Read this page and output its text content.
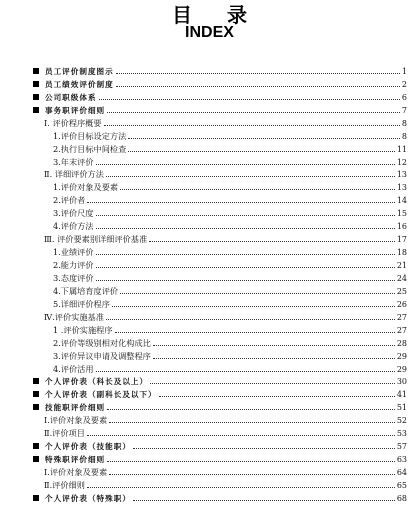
目 录
INDEX
员工评价制度图示	1
员工绩效评价制度	2
公司职级体系	6
事务职评价细则	7
Ⅰ. 评价程序概要	8
1.评价目标设定方法	8
2.执行目标中间检查	11
3.年末评价	12
Ⅱ. 详细评价方法	13
1.评价对象及要素	13
2.评价者	14
3.评价尺度	15
4.评价方法	16
Ⅲ. 评价要素别详细评价基准	17
1.业绩评价	18
2.能力评价	21
3.态度评价	24
4.下属培育度评价	25
5.详细评价程序	26
Ⅳ.评价实施基准	27
1 .评价实施程序	27
2.评价等级别相对化构成比	28
3.评价异议申请及调整程序	29
4.评价活用	29
个人评价表（科长及以上）	30
个人评价表（副科长及以下）	41
技能职评价细则	51
Ⅰ.评价对象及要素	52
Ⅱ.评价项目	53
个人评价表（技能职）	57
特殊职评价细则	63
Ⅰ.评价对象及要素	64
Ⅱ.评价细则	65
个人评价表（特殊职）	68
